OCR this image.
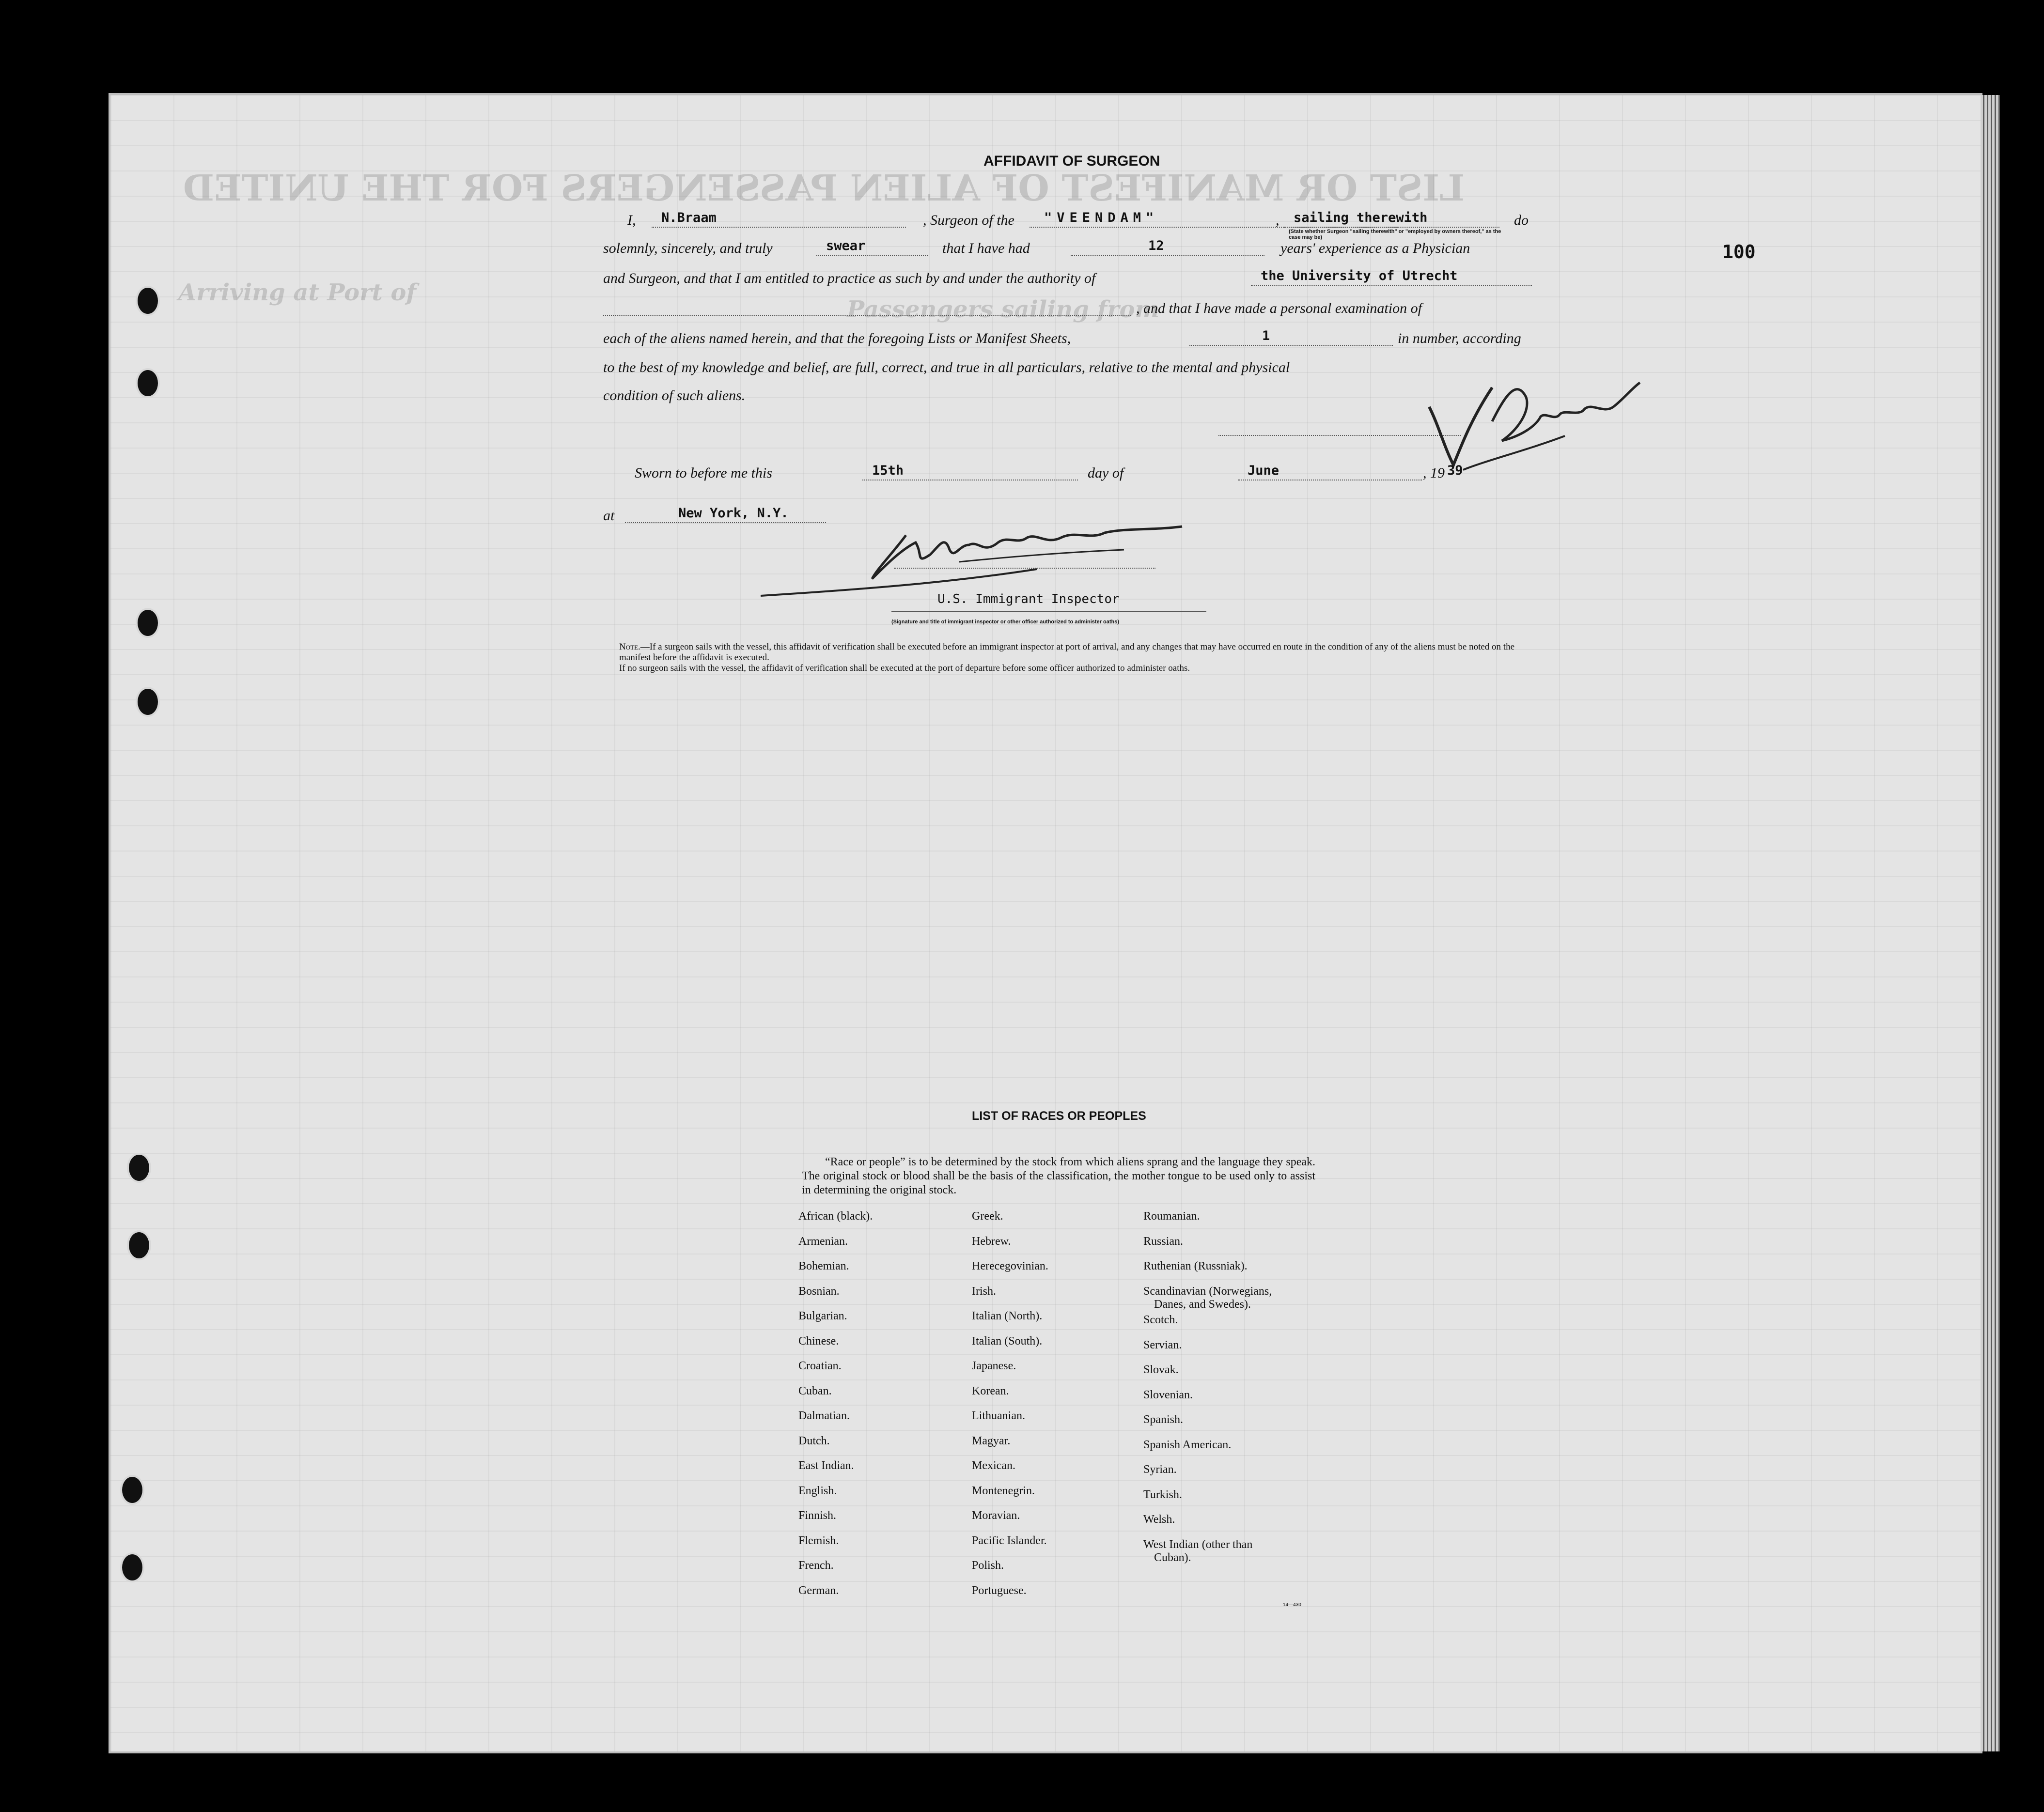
LIST OR MANIFEST OF ALIEN PASSENGERS FOR THE UNITED
Arriving at Port of
Passengers sailing from
AFFIDAVIT OF SURGEON
I,	N.Braam	, Surgeon of the	"VEENDAM"	,	sailing therewith	do
(State whether Surgeon "sailing therewith" or "employed by owners thereof," as the case may be)
solemnly, sincerely, and truly	swear	that I have had	12	years' experience as a Physician
and Surgeon, and that I am entitled to practice as such by and under the authority of	the University of Utrecht
, and that I have made a personal examination of
each of the aliens named herein, and that the foregoing Lists or Manifest Sheets,	1	in number, according
to the best of my knowledge and belief, are full, correct, and true in all particulars, relative to the mental and physical
condition of such aliens.
Sworn to before me this	15th	day of	June	, 19 39
at	New York, N.Y.
U.S. Immigrant Inspector
(Signature and title of immigrant inspector or other officer authorized to administer oaths)
100
Note.—If a surgeon sails with the vessel, this affidavit of verification shall be executed before an immigrant inspector at port of arrival, and any changes that may have occurred en route in the condition of any of the aliens must be noted on the manifest before the affidavit is executed.
If no surgeon sails with the vessel, the affidavit of verification shall be executed at the port of departure before some officer authorized to administer oaths.
LIST OF RACES OR PEOPLES
“Race or people” is to be determined by the stock from which aliens sprang and the language they speak. The original stock or blood shall be the basis of the classification, the mother tongue to be used only to assist in determining the original stock.
African (black).
Armenian.
Bohemian.
Bosnian.
Bulgarian.
Chinese.
Croatian.
Cuban.
Dalmatian.
Dutch.
East Indian.
English.
Finnish.
Flemish.
French.
German.
Greek.
Hebrew.
Herecegovinian.
Irish.
Italian (North).
Italian (South).
Japanese.
Korean.
Lithuanian.
Magyar.
Mexican.
Montenegrin.
Moravian.
Pacific Islander.
Polish.
Portuguese.
Roumanian.
Russian.
Ruthenian (Russniak).
Scandinavian (Norwegians,
Danes, and Swedes).
Scotch.
Servian.
Slovak.
Slovenian.
Spanish.
Spanish American.
Syrian.
Turkish.
Welsh.
West Indian (other than
Cuban).
14—430
